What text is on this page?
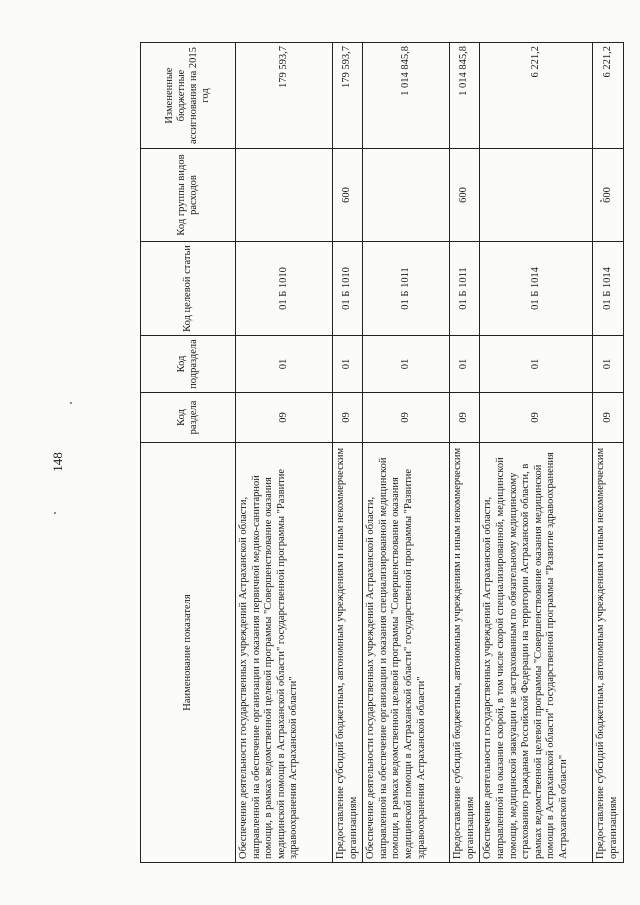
148
Наименование показателя	Код раздела	Код подраздела	Код целевой статьи	Код группы видов расходов	Измененные бюджетные ассигнования на 2015 год
Обеспечение деятельности государственных учреждений Астраханской области, направленной на обеспечение организации и оказания первичной медико-санитарной помощи, в рамках ведомственной целевой программы "Совершенствование оказания медицинской помощи в Астраханской области" государственной программы "Развитие здравоохранения Астраханской области"	09	01	01 Б 1010		179 593,7
Предоставление субсидий бюджетным, автономным учреждениям и иным некоммерческим организациям	09	01	01 Б 1010	600	179 593,7
Обеспечение деятельности государственных учреждений Астраханской области, направленной на обеспечение организации и оказания специализированной медицинской помощи, в рамках ведомственной целевой программы "Совершенствование оказания медицинской помощи в Астраханской области" государственной программы "Развитие здравоохранения Астраханской области"	09	01	01 Б 1011		1 014 845,8
Предоставление субсидий бюджетным, автономным учреждениям и иным некоммерческим организациям	09	01	01 Б 1011	600	1 014 845,8
Обеспечение деятельности государственных учреждений Астраханской области, направленной на оказание скорой, в том числе скорой специализированной, медицинской помощи, медицинской эвакуации не застрахованным по обязательному медицинскому страхованию гражданам Российской Федерации на территории Астраханской области, в рамках ведомственной целевой программы "Совершенствование оказания медицинской помощи в Астраханской области" государственной программы "Развитие здравоохранения Астраханской области"	09	01	01 Б 1014		6 221,2
Предоставление субсидий бюджетным, автономным учреждениям и иным некоммерческим организациям	09	01	01 Б 1014	600	6 221,2
